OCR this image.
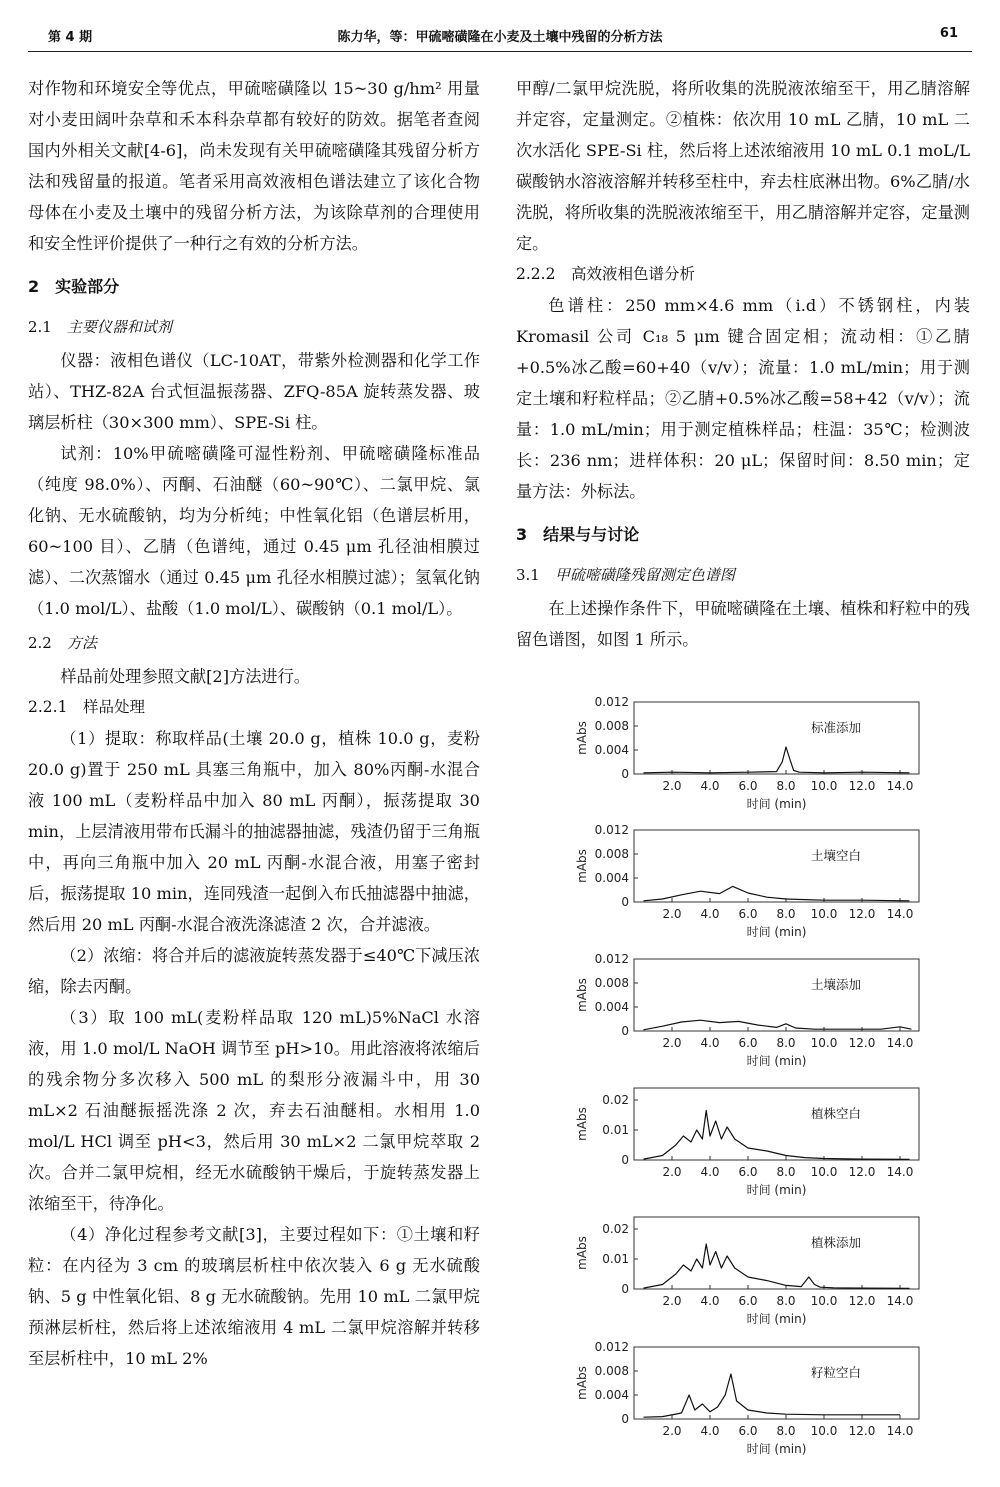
第 4 期	陈力华，等：甲硫嘧磺隆在小麦及土壤中残留的分析方法	61

对作物和环境安全等优点，甲硫嘧磺隆以 15~30 g/hm² 用量对小麦田阔叶杂草和禾本科杂草都有较好的防效。据笔者查阅国内外相关文献[4-6]，尚未发现有关甲硫嘧磺隆其残留分析方法和残留量的报道。笔者采用高效液相色谱法建立了该化合物母体在小麦及土壤中的残留分析方法，为该除草剂的合理使用和安全性评价提供了一种行之有效的分析方法。

2　实验部分
2.1　 主要仪器和试剂

仪器：液相色谱仪（LC-10AT，带紫外检测器和化学工作站）、THZ-82A 台式恒温振荡器、ZFQ-85A 旋转蒸发器、玻璃层析柱（30×300 mm）、SPE-Si 柱。

试剂：10%甲硫嘧磺隆可湿性粉剂、甲硫嘧磺隆标准品（纯度 98.0%）、丙酮、石油醚（60~90℃）、二氯甲烷、氯化钠、无水硫酸钠，均为分析纯；中性氧化铝（色谱层析用，60~100 目）、乙腈（色谱纯，通过 0.45 μm 孔径油相膜过滤）、二次蒸馏水（通过 0.45 μm 孔径水相膜过滤）；氢氧化钠（1.0 mol/L）、盐酸（1.0 mol/L）、碳酸钠（0.1 mol/L）。

2.2　 方法

样品前处理参照文献[2]方法进行。

2.2.1　样品处理

（1）提取：称取样品(土壤 20.0 g，植株 10.0 g，麦粉 20.0 g)置于 250 mL 具塞三角瓶中，加入 80%丙酮-水混合液 100 mL（麦粉样品中加入 80 mL 丙酮），振荡提取 30 min，上层清液用带布氏漏斗的抽滤器抽滤，残渣仍留于三角瓶中，再向三角瓶中加入 20 mL 丙酮-水混合液，用塞子密封后，振荡提取 10 min，连同残渣一起倒入布氏抽滤器中抽滤，然后用 20 mL 丙酮-水混合液洗涤滤渣 2 次，合并滤液。

（2）浓缩：将合并后的滤液旋转蒸发器于≤40℃下减压浓缩，除去丙酮。

（3）取 100 mL(麦粉样品取 120 mL)5%NaCl 水溶液，用 1.0 mol/L NaOH 调节至 pH>10。用此溶液将浓缩后的残余物分多次移入 500 mL 的梨形分液漏斗中，用 30 mL×2 石油醚振摇洗涤 2 次，弃去石油醚相。水相用 1.0 mol/L HCl 调至 pH<3，然后用 30 mL×2 二氯甲烷萃取 2 次。合并二氯甲烷相，经无水硫酸钠干燥后，于旋转蒸发器上浓缩至干，待净化。

（4）净化过程参考文献[3]，主要过程如下：①土壤和籽粒：在内径为 3 cm 的玻璃层析柱中依次装入 6 g 无水硫酸钠、5 g 中性氧化铝、8 g 无水硫酸钠。先用 10 mL 二氯甲烷预淋层析柱，然后将上述浓缩液用 4 mL 二氯甲烷溶解并转移至层析柱中，10 mL 2%

甲醇/二氯甲烷洗脱，将所收集的洗脱液浓缩至干，用乙腈溶解并定容，定量测定。②植株：依次用 10 mL 乙腈，10 mL 二次水活化 SPE-Si 柱，然后将上述浓缩液用 10 mL 0.1 moL/L 碳酸钠水溶液溶解并转移至柱中，弃去柱底淋出物。6%乙腈/水洗脱，将所收集的洗脱液浓缩至干，用乙腈溶解并定容，定量测定。

2.2.2　高效液相色谱分析

色谱柱：250 mm×4.6 mm（i.d）不锈钢柱，内装 Kromasil 公司 C₁₈ 5 μm 键合固定相；流动相：①乙腈+0.5%冰乙酸=60+40（v/v）；流量：1.0 mL/min；用于测定土壤和籽粒样品；②乙腈+0.5%冰乙酸=58+42（v/v）；流量：1.0 mL/min；用于测定植株样品；柱温：35℃；检测波长：236 nm；进样体积：20 μL；保留时间：8.50 min；定量方法：外标法。

3　结果与与讨论
3.1　 甲硫嘧磺隆残留测定色谱图

在上述操作条件下，甲硫嘧磺隆在土壤、植株和籽粒中的残留色谱图，如图 1 所示。

0.012
0.008
0.004
0
2.0 4.0 6.0 8.0 10.0 12.0 14.0
mAbs
时间 (min)
标准添加
0.012
0.008
0.004
0
2.0 4.0 6.0 8.0 10.0 12.0 14.0
mAbs
时间 (min)
土壤空白
0.012
0.008
0.004
0
2.0 4.0 6.0 8.0 10.0 12.0 14.0
mAbs
时间 (min)
土壤添加
0.02
0.01
0
2.0 4.0 6.0 8.0 10.0 12.0 14.0
mAbs
时间 (min)
植株空白
0.02
0.01
0
2.0 4.0 6.0 8.0 10.0 12.0 14.0
mAbs
时间 (min)
植株添加
0.012
0.008
0.004
0
2.0 4.0 6.0 8.0 10.0 12.0 14.0
mAbs
时间 (min)
籽粒空白
